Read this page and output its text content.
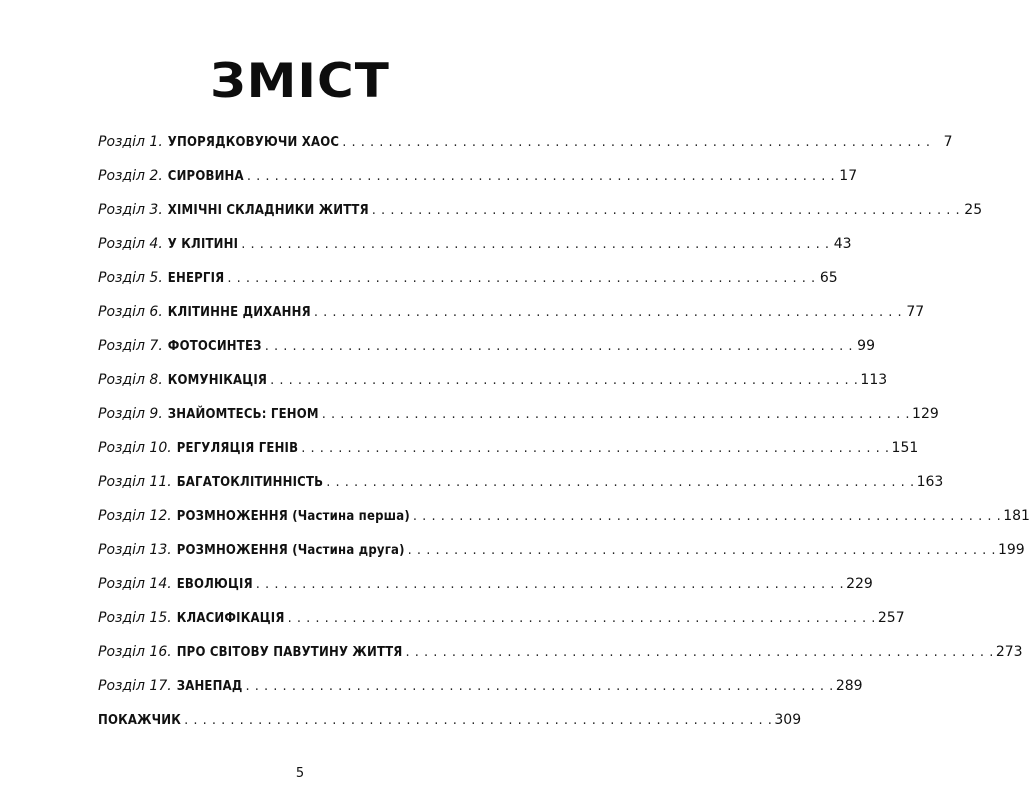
ЗМІСТ
Розділ 1. УПОРЯДКОВУЮЧИ ХАОС . . .	7
Розділ 2. СИРОВИНА . . .	17
Розділ 3. ХІМІЧНІ СКЛАДНИКИ ЖИТТЯ . . .	25
Розділ 4. У КЛІТИНІ . . .	43
Розділ 5. ЕНЕРГІЯ . . .	65
Розділ 6. КЛІТИННЕ ДИХАННЯ . . .	77
Розділ 7. ФОТОСИНТЕЗ . . .	99
Розділ 8. КОМУНІКАЦІЯ . . .	113
Розділ 9. ЗНАЙОМТЕСЬ: ГЕНОМ . . .	129
Розділ 10. РЕГУЛЯЦІЯ ГЕНІВ . . .	151
Розділ 11. БАГАТОКЛІТИННІСТЬ . . .	163
Розділ 12. РОЗМНОЖЕННЯ (Частина перша) . . .	181
Розділ 13. РОЗМНОЖЕННЯ (Частина друга) . . .	199
Розділ 14. ЕВОЛЮЦІЯ . . .	229
Розділ 15. КЛАСИФІКАЦІЯ . . .	257
Розділ 16. ПРО СВІТОВУ ПАВУТИНУ ЖИТТЯ . . .	273
Розділ 17. ЗАНЕПАД . . .	289
ПОКАЖЧИК . . .	309
5
